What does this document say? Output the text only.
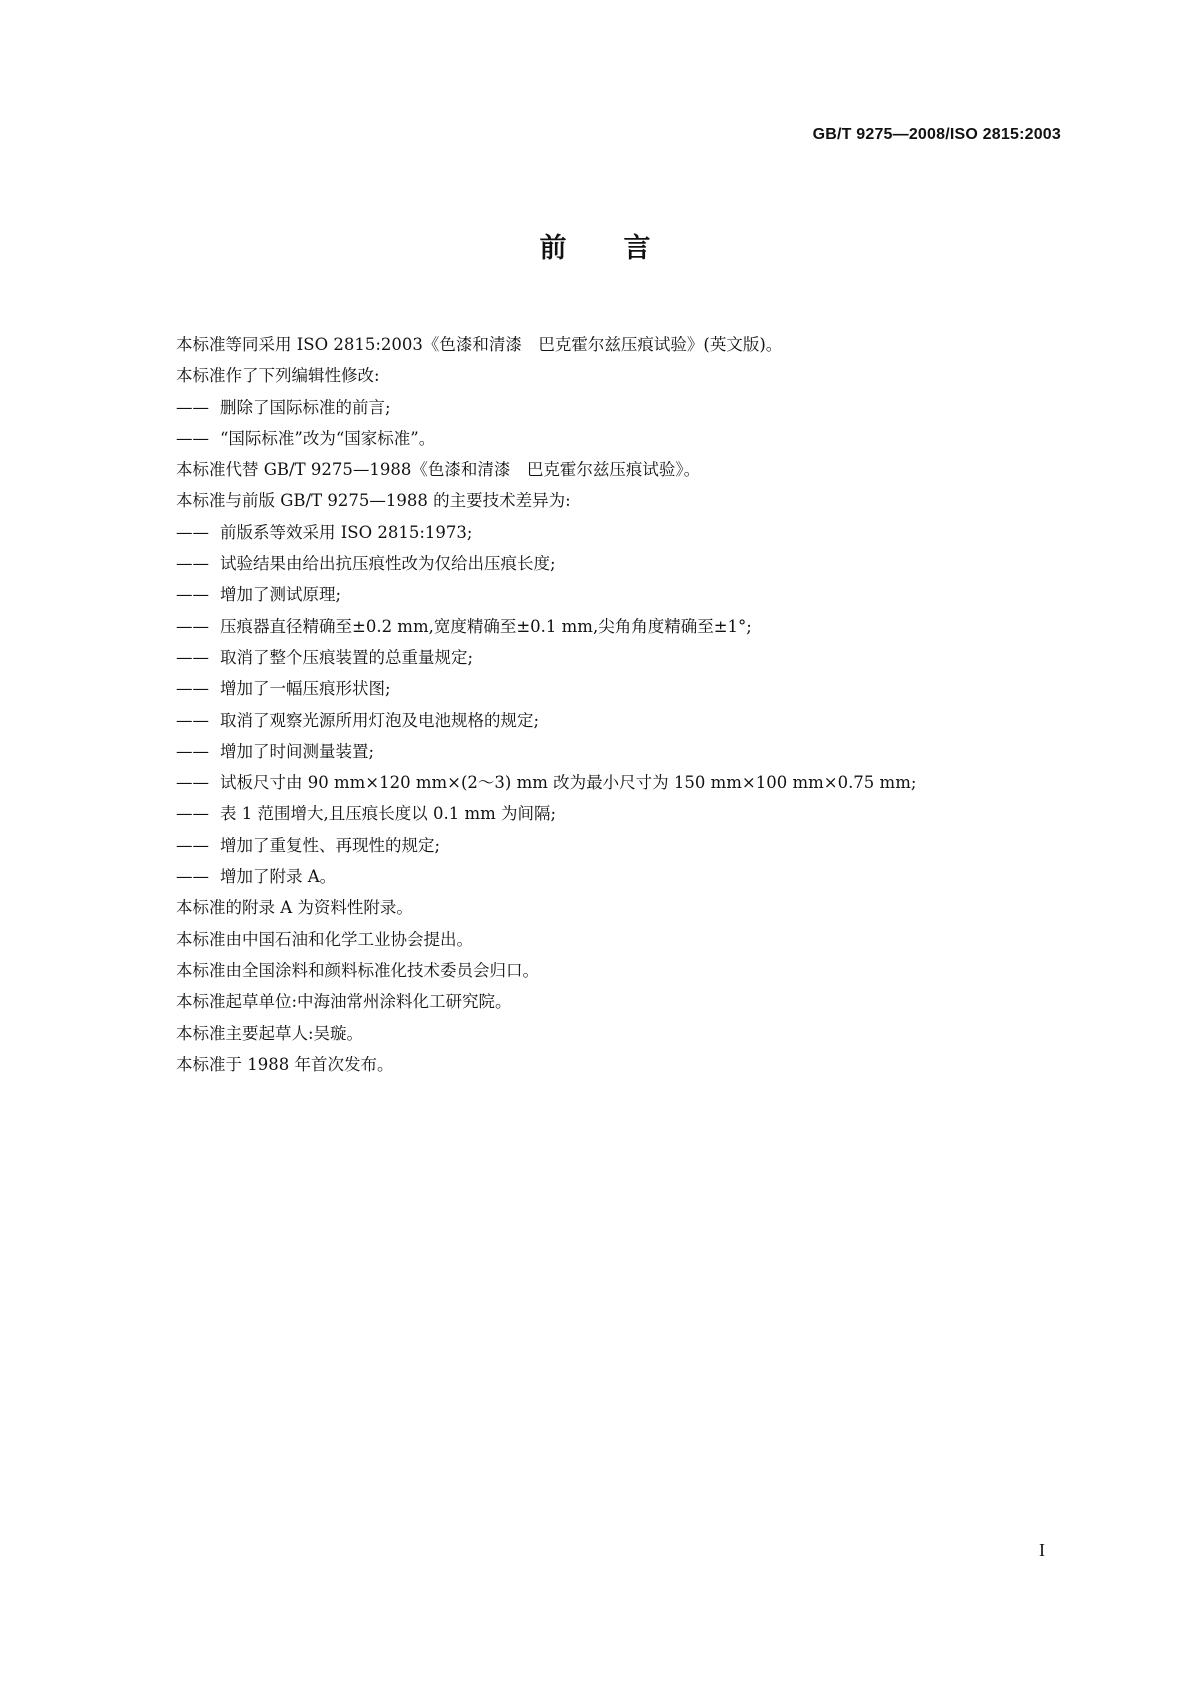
GB/T 9275—2008/ISO 2815:2003
前 言
本标准等同采用 ISO 2815:2003《色漆和清漆　巴克霍尔兹压痕试验》(英文版)。
本标准作了下列编辑性修改:
—— 删除了国际标准的前言;
—— “国际标准”改为“国家标准”。
本标准代替 GB/T 9275—1988《色漆和清漆　巴克霍尔兹压痕试验》。
本标准与前版 GB/T 9275—1988 的主要技术差异为:
—— 前版系等效采用 ISO 2815:1973;
—— 试验结果由给出抗压痕性改为仅给出压痕长度;
—— 增加了测试原理;
—— 压痕器直径精确至±0.2 mm,宽度精确至±0.1 mm,尖角角度精确至±1°;
—— 取消了整个压痕装置的总重量规定;
—— 增加了一幅压痕形状图;
—— 取消了观察光源所用灯泡及电池规格的规定;
—— 增加了时间测量装置;
—— 试板尺寸由 90 mm×120 mm×(2～3) mm 改为最小尺寸为 150 mm×100 mm×0.75 mm;
—— 表 1 范围增大,且压痕长度以 0.1 mm 为间隔;
—— 增加了重复性、再现性的规定;
—— 增加了附录 A。
本标准的附录 A 为资料性附录。
本标准由中国石油和化学工业协会提出。
本标准由全国涂料和颜料标准化技术委员会归口。
本标准起草单位:中海油常州涂料化工研究院。
本标准主要起草人:吴璇。
本标准于 1988 年首次发布。
I
